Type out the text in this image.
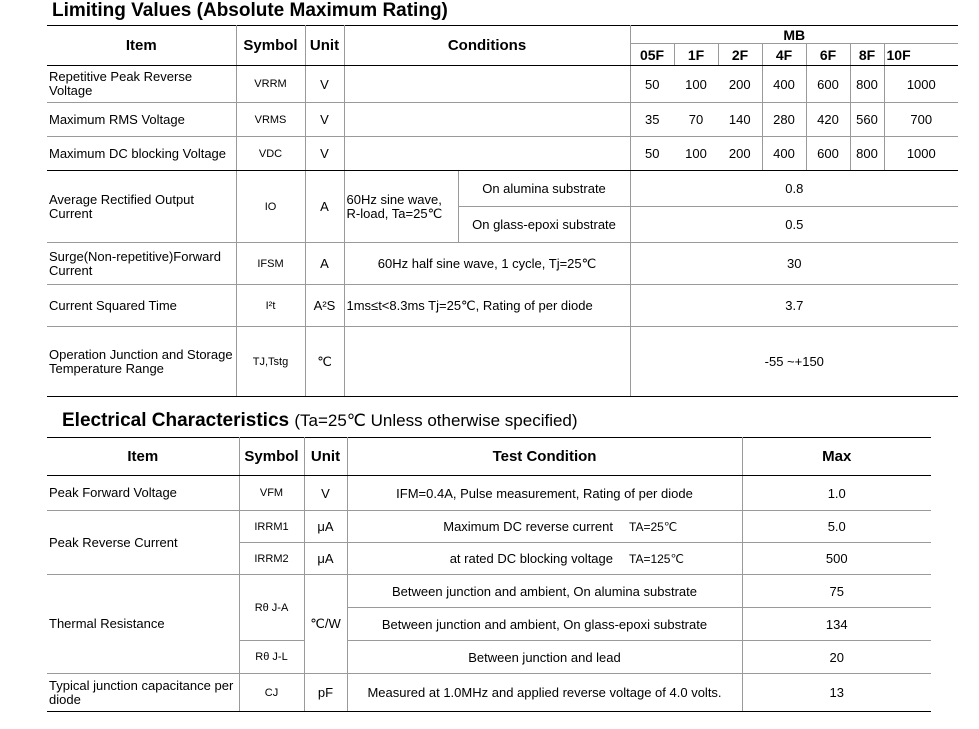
Limiting Values (Absolute Maximum Rating)
Item	Symbol	Unit	Conditions		MB						
					05F	1F	2F	4F	6F	8F	10F
Repetitive Peak Reverse Voltage	VRRM	V			50	100	200	400	600	800	1000
Maximum RMS Voltage	VRMS	V			35	70	140	280	420	560	700
Maximum DC blocking Voltage	VDC	V			50	100	200	400	600	800	1000
Average Rectified Output Current	IO	A	60Hz sine wave, R-load, Ta=25℃	On alumina substrate	0.8						
				On glass-epoxi substrate	0.5						
Surge(Non-repetitive)Forward Current	IFSM	A	60Hz half sine wave, 1 cycle, Tj=25℃		30						
Current Squared Time	I²t	A²S	1ms≤t<8.3ms Tj=25℃, Rating of per diode		3.7						
Operation Junction and Storage Temperature Range	TJ,Tstg	℃			-55 ~+150						
Electrical Characteristics (Ta=25℃ Unless otherwise specified)
Item	Symbol	Unit	Test Condition		Max
Peak Forward Voltage	VFM	V	IFM=0.4A, Pulse measurement, Rating of per diode		1.0
Peak Reverse Current	IRRM1	μA	Maximum DC reverse current	TA=25℃	5.0
	IRRM2	μA	at rated DC blocking voltage	TA=125℃	500
Thermal Resistance	Rθ J-A	℃/W	Between junction and ambient, On alumina substrate		75
			Between junction and ambient, On glass-epoxi substrate		134
	Rθ J-L		Between junction and lead		20
Typical junction capacitance per diode	CJ	pF	Measured at 1.0MHz and applied reverse voltage of 4.0 volts.		13
